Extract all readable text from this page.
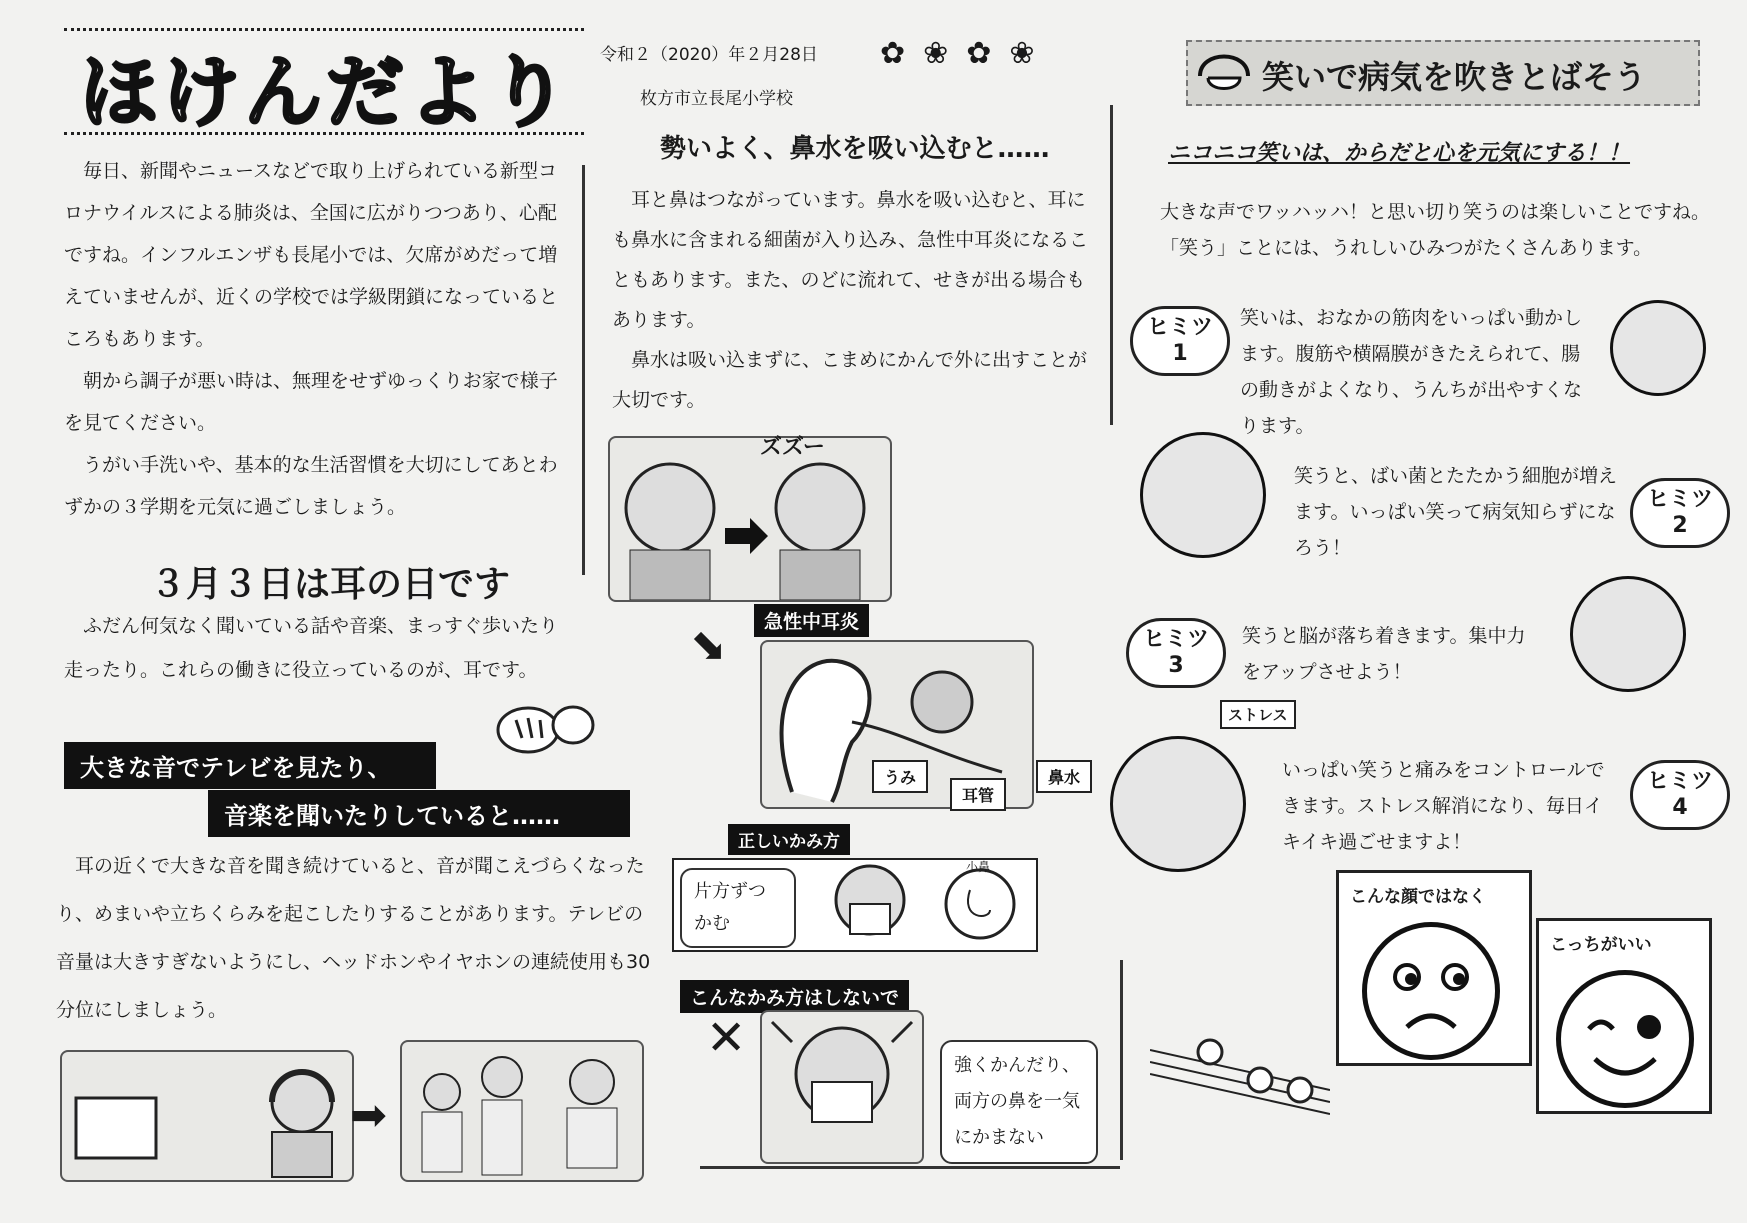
ほけんだより

毎日、新聞やニュースなどで取り上げられている新型コロナウイルスによる肺炎は、全国に広がりつつあり、心配ですね。インフルエンザも長尾小では、欠席がめだって増えていませんが、近くの学校では学級閉鎖になっているところもあります。

朝から調子が悪い時は、無理をせずゆっくりお家で様子を見てください。

うがい手洗いや、基本的な生活習慣を大切にしてあとわずかの３学期を元気に過ごしましょう。

３月３日は耳の日です
ふだん何気なく聞いている話や音楽、まっすぐ歩いたり走ったり。これらの働きに役立っているのが、耳です。
大きな音でテレビを見たり、
音楽を聞いたりしていると……
耳の近くで大きな音を聞き続けていると、音が聞こえづらくなったり、めまいや立ちくらみを起こしたりすることがあります。テレビの音量は大きすぎないようにし、ヘッドホンやイヤホンの連続使用も30分位にしましょう。
➡
令和２（2020）年２月28日
枚方市立長尾小学校
✿❀✿❀
勢いよく、鼻水を吸い込むと……

耳と鼻はつながっています。鼻水を吸い込むと、耳にも鼻水に含まれる細菌が入り込み、急性中耳炎になることもあります。また、のどに流れて、せきが出る場合もあります。

鼻水は吸い込まずに、こまめにかんで外に出すことが大切です。

ズズー
⬊	急性中耳炎
うみ
耳管
鼻水
正しいかみ方
片方ずつかむ
小鼻
こんなかみ方はしないで
✕	強くかんだり、両方の鼻を一気にかまない
笑いで病気を吹きとばそう
ニコニコ笑いは、からだと心を元気にする！！

大きな声でワッハッハ！と思い切り笑うのは楽しいことですね。

「笑う」ことには、うれしいひみつがたくさんあります。

ヒミツ
1
笑いは、おなかの筋肉をいっぱい動かします。腹筋や横隔膜がきたえられて、腸の動きがよくなり、うんちが出やすくなります。
笑うと、ばい菌とたたかう細胞が増えます。いっぱい笑って病気知らずになろう！
ヒミツ
2
ヒミツ
3
笑うと脳が落ち着きます。集中力をアップさせよう！
ストレス
いっぱい笑うと痛みをコントロールできます。ストレス解消になり、毎日イキイキ過ごせますよ！
ヒミツ
4
こんな顔ではなく
こっちがいい
